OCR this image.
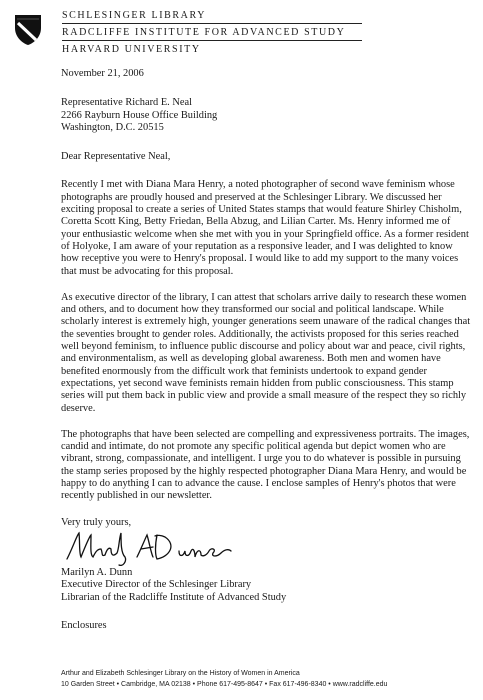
SCHLESINGER LIBRARY
RADCLIFFE INSTITUTE FOR ADVANCED STUDY
HARVARD UNIVERSITY
November 21, 2006
Representative Richard E. Neal
2266 Rayburn House Office Building
Washington, D.C. 20515
Dear Representative Neal,

Recently I met with Diana Mara Henry, a noted photographer of second wave feminism whose photographs are proudly housed and preserved at the Schlesinger Library. We discussed her exciting proposal to create a series of United States stamps that would feature Shirley Chisholm, Coretta Scott King, Betty Friedan, Bella Abzug, and Lilian Carter. Ms. Henry informed me of your enthusiastic welcome when she met with you in your Springfield office. As a former resident of Holyoke, I am aware of your reputation as a responsive leader, and I was delighted to know how receptive you were to Henry's proposal. I would like to add my support to the many voices that must be advocating for this proposal.

As executive director of the library, I can attest that scholars arrive daily to research these women and others, and to document how they transformed our social and political landscape. While scholarly interest is extremely high, younger generations seem unaware of the radical changes that the seventies brought to gender roles. Additionally, the activists proposed for this series reached well beyond feminism, to influence public discourse and policy about war and peace, civil rights, and environmentalism, as well as developing global awareness. Both men and women have benefited enormously from the difficult work that feminists undertook to expand gender expectations, yet second wave feminists remain hidden from public consciousness. This stamp series will put them back in public view and provide a small measure of the respect they so richly deserve.

The photographs that have been selected are compelling and expressiveness portraits. The images, candid and intimate, do not promote any specific political agenda but depict women who are vibrant, strong, compassionate, and intelligent. I urge you to do whatever is possible in pursuing the stamp series proposed by the highly respected photographer Diana Mara Henry, and would be happy to do anything I can to advance the cause. I enclose samples of Henry's photos that were recently published in our newsletter.

Very truly yours,
Marilyn A. Dunn
Executive Director of the Schlesinger Library
Librarian of the Radcliffe Institute of Advanced Study
Enclosures
Arthur and Elizabeth Schlesinger Library on the History of Women in America
10 Garden Street • Cambridge, MA 02138 • Phone 617-495-8647 • Fax 617-496-8340 • www.radcliffe.edu
